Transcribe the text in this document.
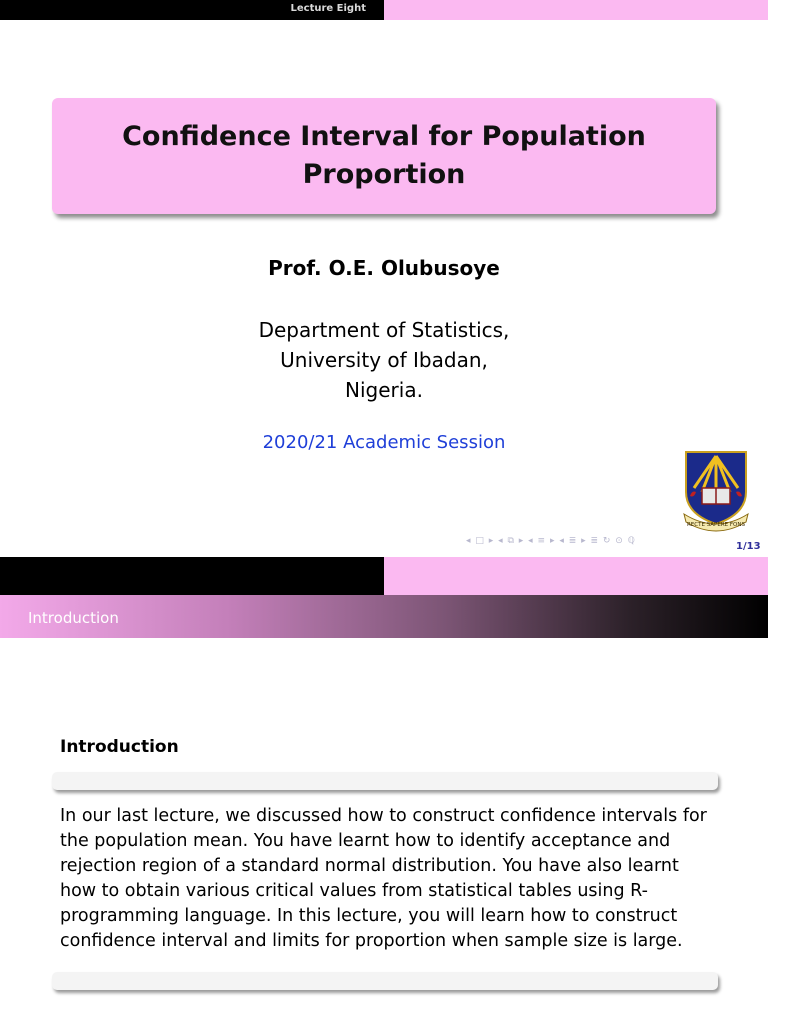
Lecture Eight
Confidence Interval for Population Proportion
Prof. O.E. Olubusoye
Department of Statistics,
University of Ibadan,
Nigeria.
2020/21 Academic Session
RECTE SAPERE FONS
◂ □ ▸ ◂ ⧉ ▸ ◂ ≡ ▸ ◂ ≣ ▸ ≣ ↻ ⊙ ℚ	1/13
C.I%
Introduction
Introduction
In our last lecture, we discussed how to construct confidence intervals for the population mean. You have learnt how to identify acceptance and rejection region of a standard normal distribution. You have also learnt how to obtain various critical values from statistical tables using R-programming language. In this lecture, you will learn how to construct confidence interval and limits for proportion when sample size is large.
